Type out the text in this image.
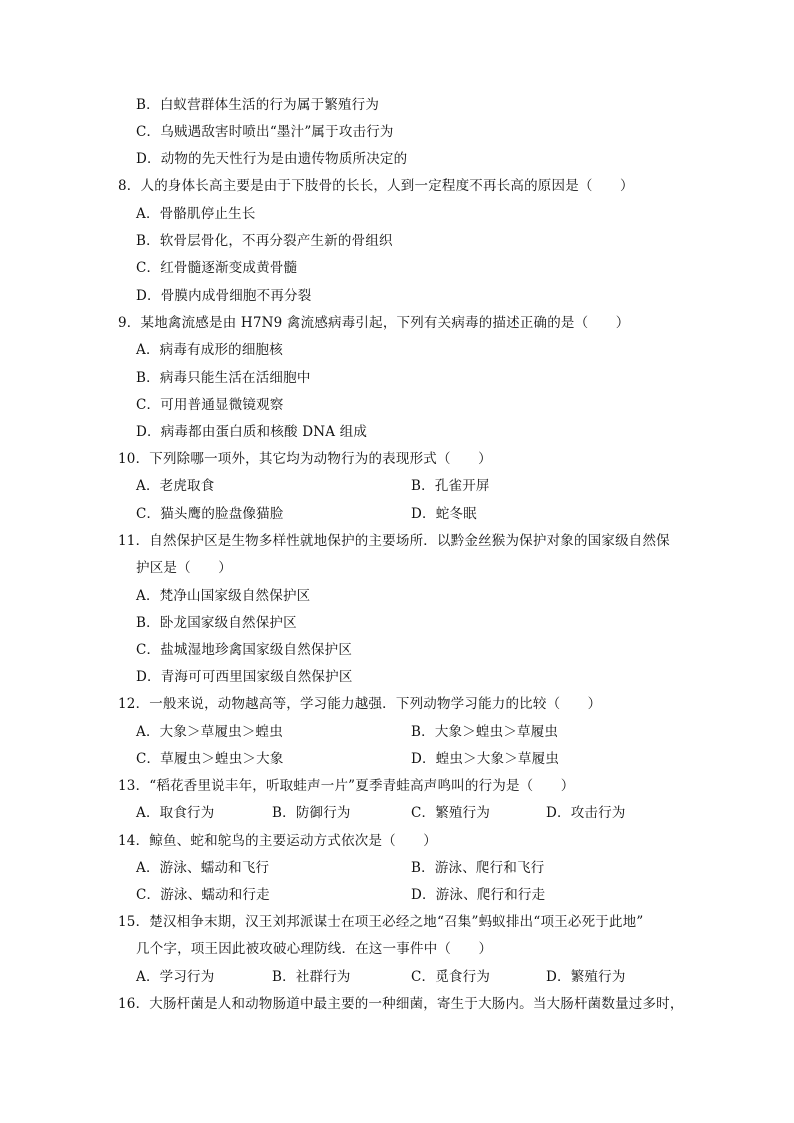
B．白蚁营群体生活的行为属于繁殖行为
C．乌贼遇敌害时喷出“墨汁”属于攻击行为
D．动物的先天性行为是由遗传物质所决定的
8．人的身体长高主要是由于下肢骨的长长，人到一定程度不再长高的原因是（　　）
A．骨骼肌停止生长
B．软骨层骨化，不再分裂产生新的骨组织
C．红骨髓逐渐变成黄骨髓
D．骨膜内成骨细胞不再分裂
9．某地禽流感是由 H7N9 禽流感病毒引起，下列有关病毒的描述正确的是（　　）
A．病毒有成形的细胞核
B．病毒只能生活在活细胞中
C．可用普通显微镜观察
D．病毒都由蛋白质和核酸 DNA 组成
10．下列除哪一项外，其它均为动物行为的表现形式（　　）
A．老虎取食	B．孔雀开屏
C．猫头鹰的脸盘像猫脸	D．蛇冬眠
11．自然保护区是生物多样性就地保护的主要场所．以黔金丝猴为保护对象的国家级自然保
护区是（　　）
A．梵净山国家级自然保护区
B．卧龙国家级自然保护区
C．盐城湿地珍禽国家级自然保护区
D．青海可可西里国家级自然保护区
12．一般来说，动物越高等，学习能力越强．下列动物学习能力的比较（　　）
A．大象＞草履虫＞蝗虫	B．大象＞蝗虫＞草履虫
C．草履虫＞蝗虫＞大象	D．蝗虫＞大象＞草履虫
13．“稻花香里说丰年，听取蛙声一片”夏季青蛙高声鸣叫的行为是（　　）
A．取食行为	B．防御行为	C．繁殖行为	D．攻击行为
14．鲸鱼、蛇和鸵鸟的主要运动方式依次是（　　）
A．游泳、蠕动和飞行	B．游泳、爬行和飞行
C．游泳、蠕动和行走	D．游泳、爬行和行走
15．楚汉相争末期，汉王刘邦派谋士在项王必经之地“召集”蚂蚁排出“项王必死于此地”
几个字，项王因此被攻破心理防线．在这一事件中（　　）
A．学习行为	B．社群行为	C．觅食行为	D．繁殖行为
16．大肠杆菌是人和动物肠道中最主要的一种细菌，寄生于大肠内。当大肠杆菌数量过多时，
